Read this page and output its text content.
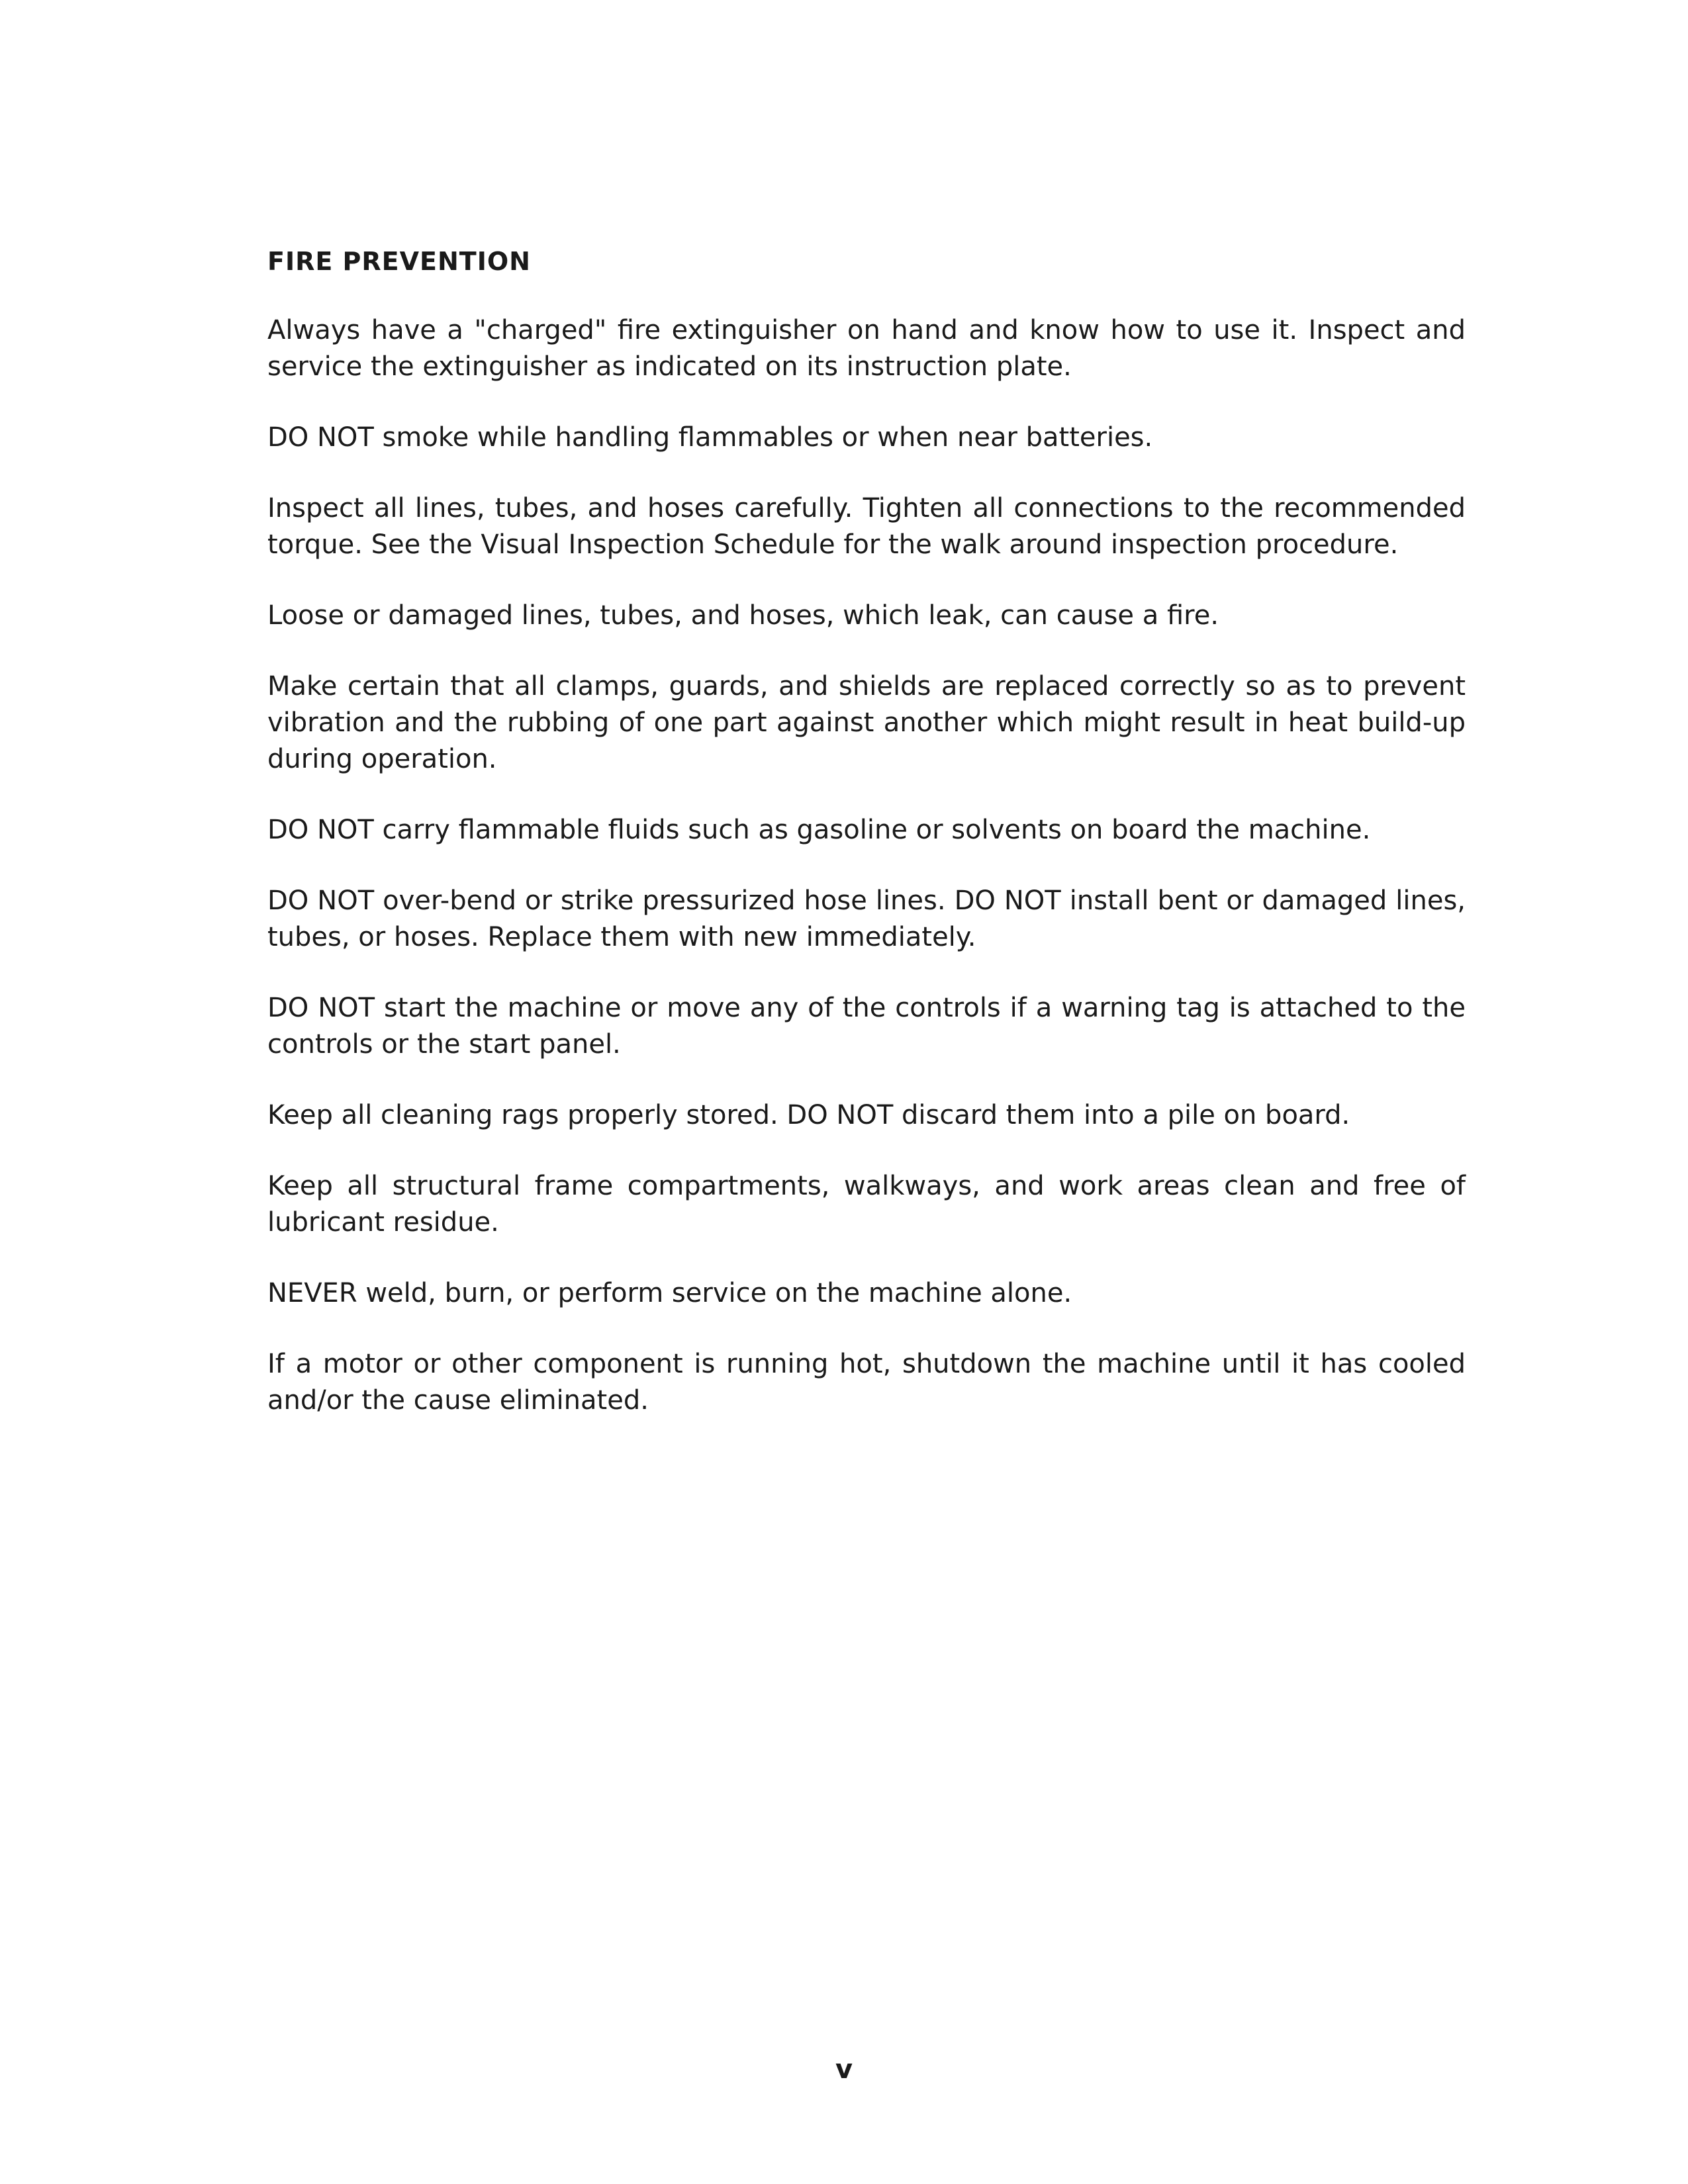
FIRE PREVENTION

Always have a "charged" fire extinguisher on hand and know how to use it. Inspect and service the extinguisher as indicated on its instruction plate.

DO NOT smoke while handling flammables or when near batteries.

Inspect all lines, tubes, and hoses carefully. Tighten all connections to the recommended torque. See the Visual Inspection Schedule for the walk around inspection procedure.

Loose or damaged lines, tubes, and hoses, which leak, can cause a fire.

Make certain that all clamps, guards, and shields are replaced correctly so as to prevent vibration and the rubbing of one part against another which might result in heat build-up during operation.

DO NOT carry flammable fluids such as gasoline or solvents on board the machine.

DO NOT over-bend or strike pressurized hose lines. DO NOT install bent or damaged lines, tubes, or hoses. Replace them with new immediately.

DO NOT start the machine or move any of the controls if a warning tag is attached to the controls or the start panel.

Keep all cleaning rags properly stored. DO NOT discard them into a pile on board.

Keep all structural frame compartments, walkways, and work areas clean and free of lubricant residue.

NEVER weld, burn, or perform service on the machine alone.

If a motor or other component is running hot, shutdown the machine until it has cooled and/or the cause eliminated.

v
